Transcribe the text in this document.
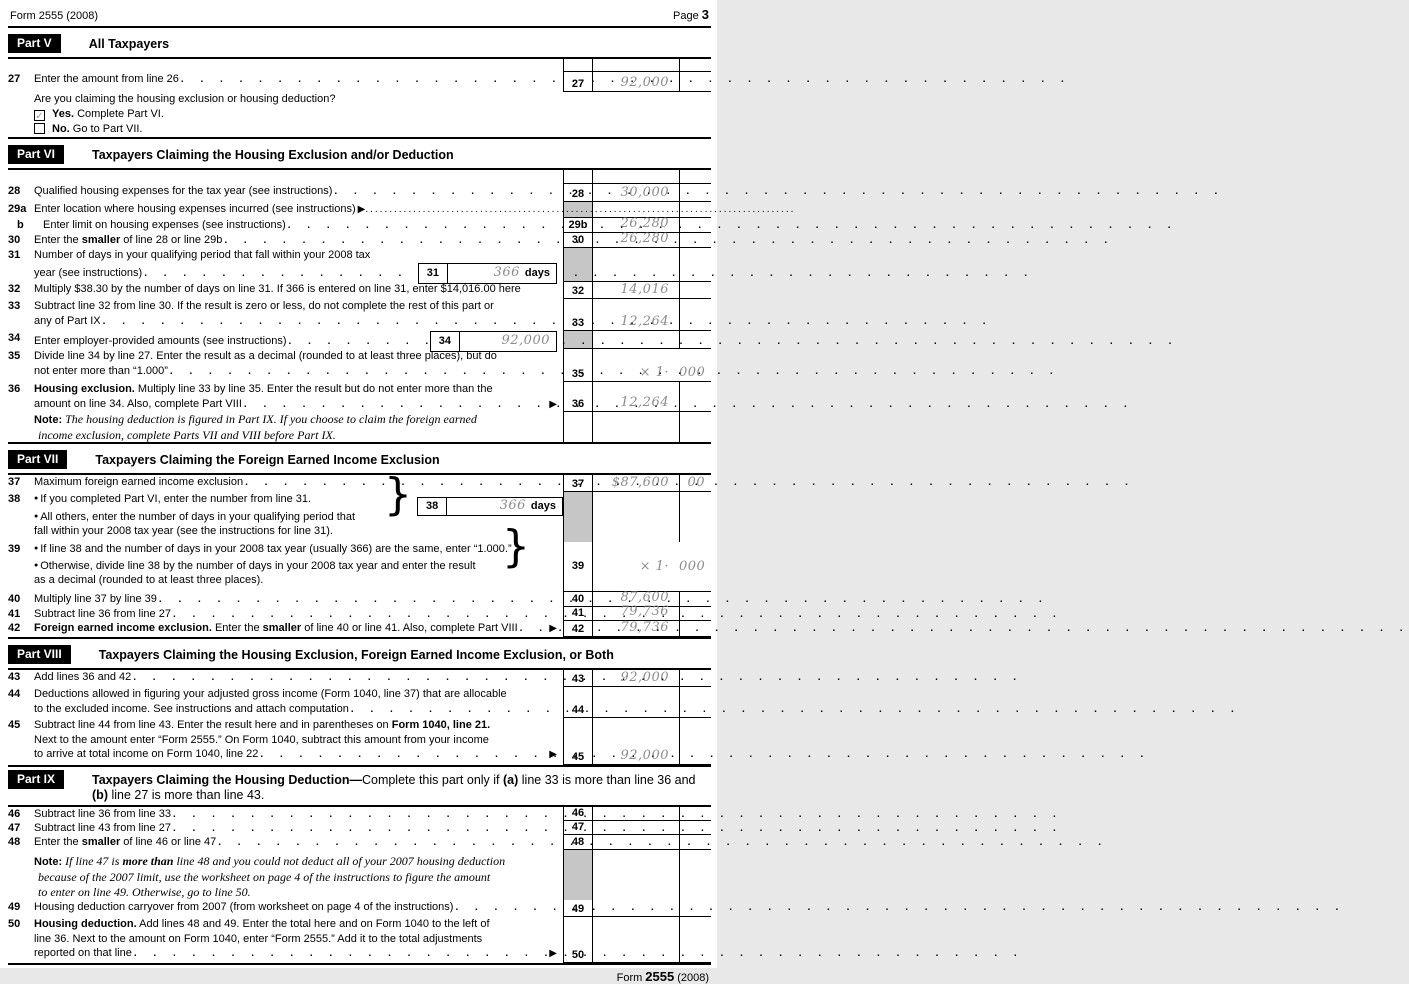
Form 2555 (2008)	Page 3
Part V	All Taxpayers
27	Enter the amount from line 26 . . .	27	92,000
Are you claiming the housing exclusion or housing deduction?
✓ Yes. Complete Part VI.
No. Go to Part VII.
Part VI	Taxpayers Claiming the Housing Exclusion and/or Deduction
28	Qualified housing expenses for the tax year (see instructions) . . .	28	30,000
29a Enter location where housing expenses incurred (see instructions) ▶
.....
b	Enter limit on housing expenses (see instructions) . . .	29b	26,280
30	Enter the smaller of line 28 or line 29b . . .	30	26,280
31	Number of days in your qualifying period that fall within your 2008 tax
year (see instructions) . . .	31	366 days
32	Multiply $38.30 by the number of days on line 31. If 366 is entered on line 31, enter $14,016.00 here	32	14,016
33	Subtract line 32 from line 30. If the result is zero or less, do not complete the rest of this part or
any of Part IX . . .	33	12,264
34	Enter employer-provided amounts (see instructions) . . .	34	92,000
35	Divide line 34 by line 27. Enter the result as a decimal (rounded to at least three places), but do
not enter more than “1.000” . . .	35	× 1· 000
36	Housing exclusion. Multiply line 33 by line 35. Enter the result but do not enter more than the
amount on line 34. Also, complete Part VIII . . .	▶	36	12,264
Note: The housing deduction is figured in Part IX. If you choose to claim the foreign earned
income exclusion, complete Parts VII and VIII before Part IX.
Part VII	Taxpayers Claiming the Foreign Earned Income Exclusion
37	Maximum foreign earned income exclusion . . .	37	$87,600 00
38	● If you completed Part VI, enter the number from line 31.
● All others, enter the number of days in your qualifying period that
fall within your 2008 tax year (see the instructions for line 31).
}	38	366 days
39	● If line 38 and the number of days in your 2008 tax year (usually 366) are the same, enter “1.000.”
● Otherwise, divide line 38 by the number of days in your 2008 tax year and enter the result
as a decimal (rounded to at least three places).
}	39	× 1· 000
40	Multiply line 37 by line 39 . . .	40	87,600
41	Subtract line 36 from line 27 . . .	41	79,736
42	Foreign earned income exclusion. Enter the smaller of line 40 or line 41. Also, complete Part VIII . . .	▶	42	79,736
Part VIII	Taxpayers Claiming the Housing Exclusion, Foreign Earned Income Exclusion, or Both
43	Add lines 36 and 42 . . .	43	92,000
44	Deductions allowed in figuring your adjusted gross income (Form 1040, line 37) that are allocable
to the excluded income. See instructions and attach computation . . .	44
45	Subtract line 44 from line 43. Enter the result here and in parentheses on Form 1040, line 21.
Next to the amount enter “Form 2555.” On Form 1040, subtract this amount from your income
to arrive at total income on Form 1040, line 22 . . .	▶	45	92,000
Part IX	Taxpayers Claiming the Housing Deduction—Complete this part only if (a) line 33 is more than line 36 and (b) line 27 is more than line 43.
46	Subtract line 36 from line 33 . . .	46
47	Subtract line 43 from line 27 . . .	47
48	Enter the smaller of line 46 or line 47 . . .	48
Note: If line 47 is more than line 48 and you could not deduct all of your 2007 housing deduction
because of the 2007 limit, use the worksheet on page 4 of the instructions to figure the amount
to enter on line 49. Otherwise, go to line 50.
49	Housing deduction carryover from 2007 (from worksheet on page 4 of the instructions) . . .	49
50	Housing deduction. Add lines 48 and 49. Enter the total here and on Form 1040 to the left of
line 36. Next to the amount on Form 1040, enter “Form 2555.” Add it to the total adjustments
reported on that line . . .	▶	50
Form 2555 (2008)
